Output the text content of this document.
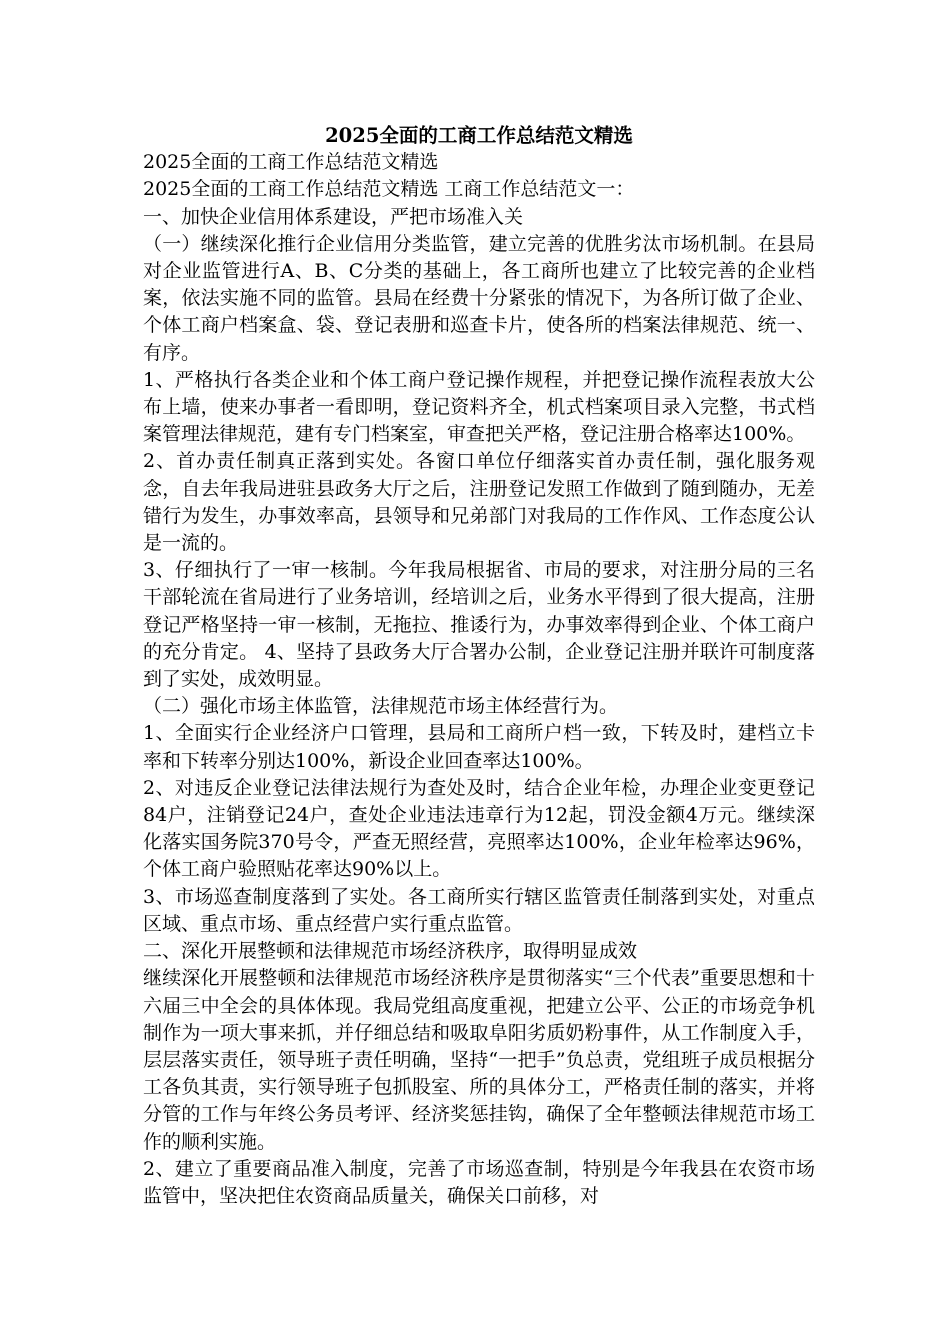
2025全面的工商工作总结范文精选

2025全面的工商工作总结范文精选

2025全面的工商工作总结范文精选 工商工作总结范文一：

一、加快企业信用体系建设，严把市场准入关

（一）继续深化推行企业信用分类监管，建立完善的优胜劣汰市场机制。在县局对企业监管进行A、B、C分类的基础上，各工商所也建立了比较完善的企业档案，依法实施不同的监管。县局在经费十分紧张的情况下，为各所订做了企业、个体工商户档案盒、袋、登记表册和巡查卡片，使各所的档案法律规范、统一、有序。

1、严格执行各类企业和个体工商户登记操作规程，并把登记操作流程表放大公布上墙，使来办事者一看即明，登记资料齐全，机式档案项目录入完整，书式档案管理法律规范，建有专门档案室，审查把关严格，登记注册合格率达100%。

2、首办责任制真正落到实处。各窗口单位仔细落实首办责任制，强化服务观念，自去年我局进驻县政务大厅之后，注册登记发照工作做到了随到随办，无差错行为发生，办事效率高，县领导和兄弟部门对我局的工作作风、工作态度公认是一流的。

3、仔细执行了一审一核制。今年我局根据省、市局的要求，对注册分局的三名干部轮流在省局进行了业务培训，经培训之后，业务水平得到了很大提高，注册登记严格坚持一审一核制，无拖拉、推诿行为，办事效率得到企业、个体工商户的充分肯定。 4、坚持了县政务大厅合署办公制，企业登记注册并联许可制度落到了实处，成效明显。

（二）强化市场主体监管，法律规范市场主体经营行为。

1、全面实行企业经济户口管理，县局和工商所户档一致，下转及时，建档立卡率和下转率分别达100%，新设企业回查率达100%。

2、对违反企业登记法律法规行为查处及时，结合企业年检，办理企业变更登记84户，注销登记24户，查处企业违法违章行为12起，罚没金额4万元。继续深化落实国务院370号令，严查无照经营，亮照率达100%，企业年检率达96%，个体工商户验照贴花率达90%以上。

3、市场巡查制度落到了实处。各工商所实行辖区监管责任制落到实处，对重点区域、重点市场、重点经营户实行重点监管。

二、深化开展整顿和法律规范市场经济秩序，取得明显成效

继续深化开展整顿和法律规范市场经济秩序是贯彻落实“三个代表”重要思想和十六届三中全会的具体体现。我局党组高度重视，把建立公平、公正的市场竞争机制作为一项大事来抓，并仔细总结和吸取阜阳劣质奶粉事件，从工作制度入手，层层落实责任，领导班子责任明确，坚持“一把手”负总责，党组班子成员根据分工各负其责，实行领导班子包抓股室、所的具体分工，严格责任制的落实，并将分管的工作与年终公务员考评、经济奖惩挂钩，确保了全年整顿法律规范市场工作的顺利实施。

2、建立了重要商品准入制度，完善了市场巡查制，特别是今年我县在农资市场监管中，坚决把住农资商品质量关，确保关口前移，对
